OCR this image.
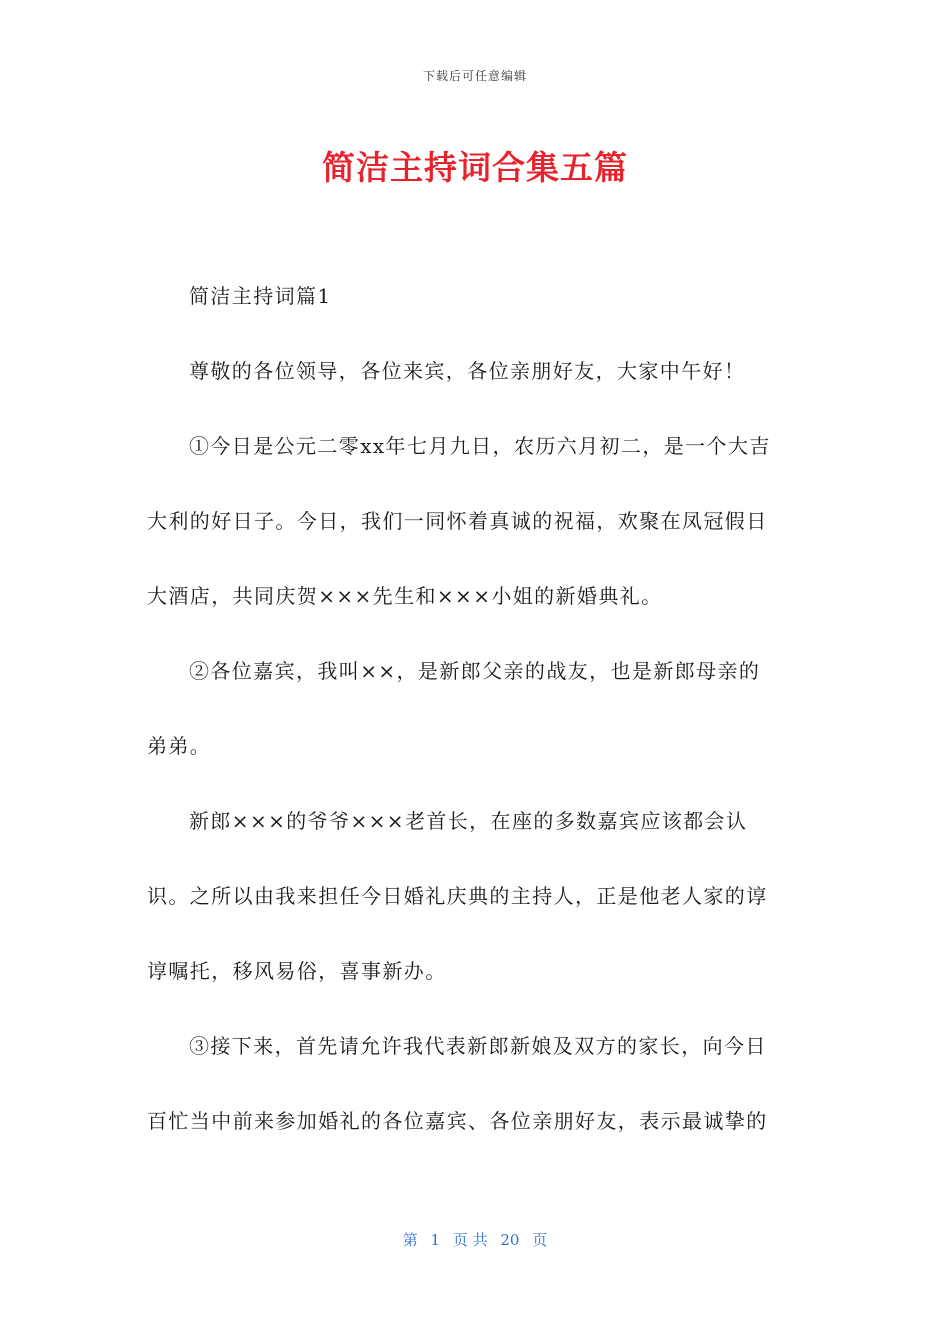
下载后可任意编辑
简洁主持词合集五篇
简洁主持词篇1
尊敬的各位领导，各位来宾，各位亲朋好友，大家中午好！
①今日是公元二零xx年七月九日，农历六月初二，是一个大吉
大利的好日子。今日，我们一同怀着真诚的祝福，欢聚在凤冠假日
大酒店，共同庆贺×××先生和×××小姐的新婚典礼。
②各位嘉宾，我叫××，是新郎父亲的战友，也是新郎母亲的
弟弟。
新郎×××的爷爷×××老首长，在座的多数嘉宾应该都会认
识。之所以由我来担任今日婚礼庆典的主持人，正是他老人家的谆
谆嘱托，移风易俗，喜事新办。
③接下来，首先请允许我代表新郎新娘及双方的家长，向今日
百忙当中前来参加婚礼的各位嘉宾、各位亲朋好友，表示最诚挚的
第 1 页 共 20 页
